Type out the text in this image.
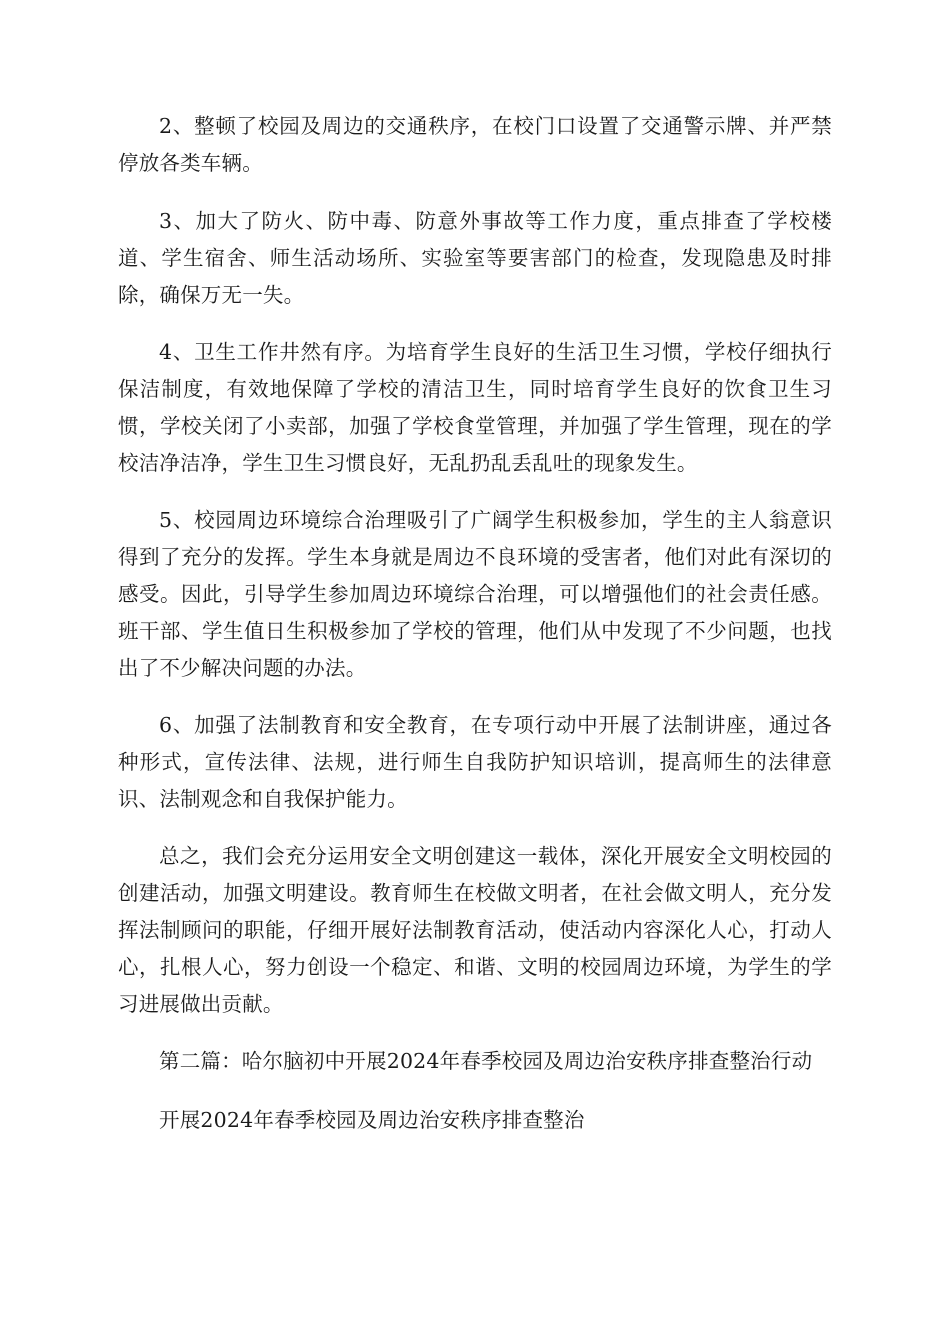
2、整顿了校园及周边的交通秩序，在校门口设置了交通警示牌、并严禁停放各类车辆。

3、加大了防火、防中毒、防意外事故等工作力度，重点排查了学校楼道、学生宿舍、师生活动场所、实验室等要害部门的检查，发现隐患及时排除，确保万无一失。

4、卫生工作井然有序。为培育学生良好的生活卫生习惯，学校仔细执行保洁制度，有效地保障了学校的清洁卫生，同时培育学生良好的饮食卫生习惯，学校关闭了小卖部，加强了学校食堂管理，并加强了学生管理，现在的学校洁净洁净，学生卫生习惯良好，无乱扔乱丢乱吐的现象发生。

5、校园周边环境综合治理吸引了广阔学生积极参加，学生的主人翁意识得到了充分的发挥。学生本身就是周边不良环境的受害者，他们对此有深切的感受。因此，引导学生参加周边环境综合治理，可以增强他们的社会责任感。班干部、学生值日生积极参加了学校的管理，他们从中发现了不少问题，也找出了不少解决问题的办法。

6、加强了法制教育和安全教育，在专项行动中开展了法制讲座，通过各种形式，宣传法律、法规，进行师生自我防护知识培训，提高师生的法律意识、法制观念和自我保护能力。

总之，我们会充分运用安全文明创建这一载体，深化开展安全文明校园的创建活动，加强文明建设。教育师生在校做文明者，在社会做文明人，充分发挥法制顾问的职能，仔细开展好法制教育活动，使活动内容深化人心，打动人心，扎根人心，努力创设一个稳定、和谐、文明的校园周边环境，为学生的学习进展做出贡献。

第二篇：哈尔脑初中开展2024年春季校园及周边治安秩序排查整治行动

开展2024年春季校园及周边治安秩序排查整治
